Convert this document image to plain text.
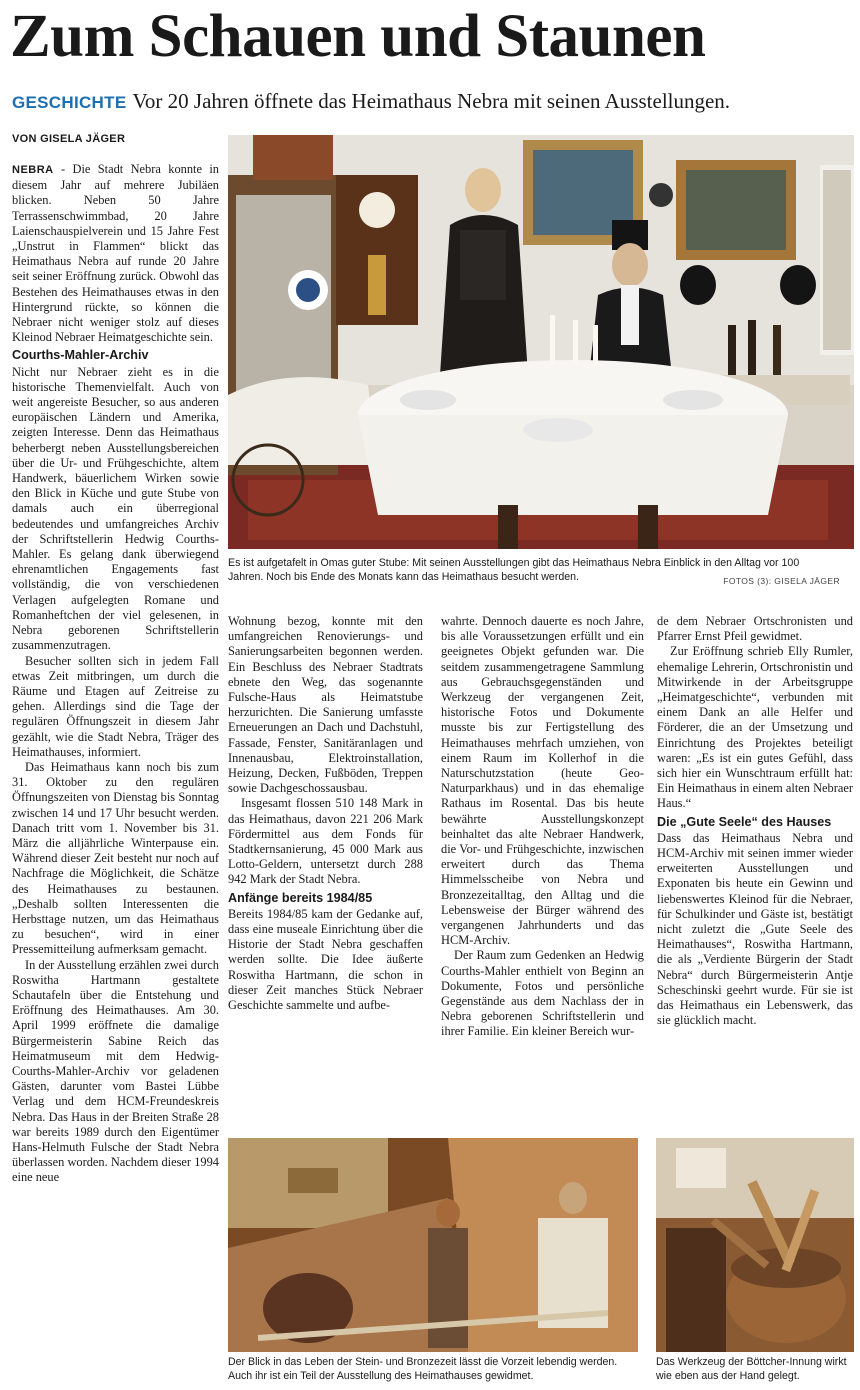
Zum Schauen und Staunen
GESCHICHTE Vor 20 Jahren öffnete das Heimathaus Nebra mit seinen Ausstellungen.
VON GISELA JÄGER

NEBRA - Die Stadt Nebra konnte in diesem Jahr auf mehrere Jubiläen blicken. Neben 50 Jahre Terrassenschwimmbad, 20 Jahre Laienschauspielverein und 15 Jahre Fest „Unstrut in Flammen“ blickt das Heimathaus Nebra auf runde 20 Jahre seit seiner Eröffnung zurück. Obwohl das Bestehen des Heimathauses etwas in den Hintergrund rückte, so können die Nebraer nicht weniger stolz auf dieses Kleinod Nebraer Heimatgeschichte sein.

Courths-Mahler-Archiv

Nicht nur Nebraer zieht es in die historische Themenvielfalt. Auch von weit angereiste Besucher, so aus anderen europäischen Ländern und Amerika, zeigten Interesse. Denn das Heimathaus beherbergt neben Ausstellungsbereichen über die Ur- und Frühgeschichte, altem Handwerk, bäuerlichem Wirken sowie den Blick in Küche und gute Stube von damals auch ein überregional bedeutendes und umfangreiches Archiv der Schriftstellerin Hedwig Courths-Mahler. Es gelang dank überwiegend ehrenamtlichen Engagements fast vollständig, die von verschiedenen Verlagen aufgelegten Romane und Romanheftchen der viel gelesenen, in Nebra geborenen Schriftstellerin zusammenzutragen.

Besucher sollten sich in jedem Fall etwas Zeit mitbringen, um durch die Räume und Etagen auf Zeitreise zu gehen. Allerdings sind die Tage der regulären Öffnungszeit in diesem Jahr gezählt, wie die Stadt Nebra, Träger des Heimathauses, informiert.

Das Heimathaus kann noch bis zum 31. Oktober zu den regulären Öffnungszeiten von Dienstag bis Sonntag zwischen 14 und 17 Uhr besucht werden. Danach tritt vom 1. November bis 31. März die alljährliche Winterpause ein. Während dieser Zeit besteht nur noch auf Nachfrage die Möglichkeit, die Schätze des Heimathauses zu bestaunen. „Deshalb sollten Interessenten die Herbsttage nutzen, um das Heimathaus zu besuchen“, wird in einer Pressemitteilung aufmerksam gemacht.

In der Ausstellung erzählen zwei durch Roswitha Hartmann gestaltete Schautafeln über die Entstehung und Eröffnung des Heimathauses. Am 30. April 1999 eröffnete die damalige Bürgermeisterin Sabine Reich das Heimatmuseum mit dem Hedwig-Courths-Mahler-Archiv vor geladenen Gästen, darunter vom Bastei Lübbe Verlag und dem HCM-Freundeskreis Nebra. Das Haus in der Breiten Straße 28 war bereits 1989 durch den Eigentümer Hans-Helmuth Fulsche der Stadt Nebra überlassen worden. Nachdem dieser 1994 eine neue

Es ist aufgetafelt in Omas guter Stube: Mit seinen Ausstellungen gibt das Heimathaus Nebra Einblick in den Alltag vor 100 Jahren. Noch bis Ende des Monats kann das Heimathaus besucht werden.	FOTOS (3): GISELA JÄGER

Wohnung bezog, konnte mit den umfangreichen Renovierungs- und Sanierungsarbeiten begonnen werden. Ein Beschluss des Nebraer Stadtrats ebnete den Weg, das sogenannte Fulsche-Haus als Heimatstube herzurichten. Die Sanierung umfasste Erneuerungen an Dach und Dachstuhl, Fassade, Fenster, Sanitäranlagen und Innenausbau, Elektroinstallation, Heizung, Decken, Fußböden, Treppen sowie Dachgeschossausbau.

Insgesamt flossen 510 148 Mark in das Heimathaus, davon 221 206 Mark Fördermittel aus dem Fonds für Stadtkernsanierung, 45 000 Mark aus Lotto-Geldern, untersetzt durch 288 942 Mark der Stadt Nebra.

Anfänge bereits 1984/85

Bereits 1984/85 kam der Gedanke auf, dass eine museale Einrichtung über die Historie der Stadt Nebra geschaffen werden sollte. Die Idee äußerte Roswitha Hartmann, die schon in dieser Zeit manches Stück Nebraer Geschichte sammelte und aufbe-

wahrte. Dennoch dauerte es noch Jahre, bis alle Voraussetzungen erfüllt und ein geeignetes Objekt gefunden war. Die seitdem zusammengetragene Sammlung aus Gebrauchsgegenständen und Werkzeug der vergangenen Zeit, historische Fotos und Dokumente musste bis zur Fertigstellung des Heimathauses mehrfach umziehen, von einem Raum im Kollerhof in die Naturschutzstation (heute Geo-Naturparkhaus) und in das ehemalige Rathaus im Rosental. Das bis heute bewährte Ausstellungskonzept beinhaltet das alte Nebraer Handwerk, die Vor- und Frühgeschichte, inzwischen erweitert durch das Thema Himmelsscheibe von Nebra und Bronzezeitalltag, den Alltag und die Lebensweise der Bürger während des vergangenen Jahrhunderts und das HCM-Archiv.

Der Raum zum Gedenken an Hedwig Courths-Mahler enthielt von Beginn an Dokumente, Fotos und persönliche Gegenstände aus dem Nachlass der in Nebra geborenen Schriftstellerin und ihrer Familie. Ein kleiner Bereich wur-

de dem Nebraer Ortschronisten und Pfarrer Ernst Pfeil gewidmet.

Zur Eröffnung schrieb Elly Rumler, ehemalige Lehrerin, Ortschronistin und Mitwirkende in der Arbeitsgruppe „Heimatgeschichte“, verbunden mit einem Dank an alle Helfer und Förderer, die an der Umsetzung und Einrichtung des Projektes beteiligt waren: „Es ist ein gutes Gefühl, dass sich hier ein Wunschtraum erfüllt hat: Ein Heimathaus in einem alten Nebraer Haus.“

Die „Gute Seele“ des Hauses

Dass das Heimathaus Nebra und HCM-Archiv mit seinen immer wieder erweiterten Ausstellungen und Exponaten bis heute ein Gewinn und liebenswertes Kleinod für die Nebraer, für Schulkinder und Gäste ist, bestätigt nicht zuletzt die „Gute Seele des Heimathauses“, Roswitha Hartmann, die als „Verdiente Bürgerin der Stadt Nebra“ durch Bürgermeisterin Antje Scheschinski geehrt wurde. Für sie ist das Heimathaus ein Lebenswerk, das sie glücklich macht.

Der Blick in das Leben der Stein- und Bronzezeit lässt die Vorzeit lebendig werden. Auch ihr ist ein Teil der Ausstellung des Heimathauses gewidmet.
Das Werkzeug der Böttcher-Innung wirkt wie eben aus der Hand gelegt.
